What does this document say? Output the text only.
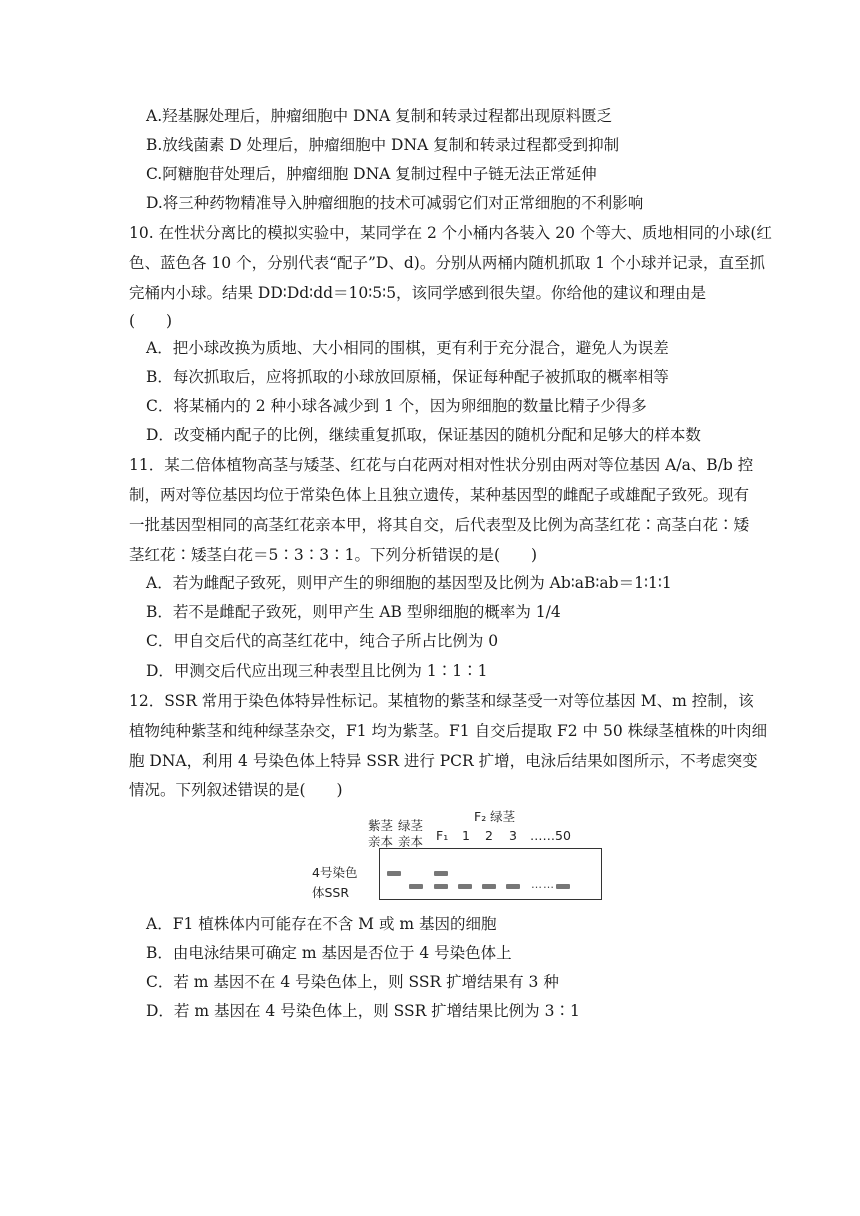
A.羟基脲处理后，肿瘤细胞中 DNA 复制和转录过程都出现原料匮乏
B.放线菌素 D 处理后，肿瘤细胞中 DNA 复制和转录过程都受到抑制
C.阿糖胞苷处理后，肿瘤细胞 DNA 复制过程中子链无法正常延伸
D.将三种药物精准导入肿瘤细胞的技术可减弱它们对正常细胞的不利影响
10. 在性状分离比的模拟实验中，某同学在 2 个小桶内各装入 20 个等大、质地相同的小球(红
色、蓝色各 10 个，分别代表“配子”D、d)。分别从两桶内随机抓取 1 个小球并记录，直至抓
完桶内小球。结果 DD∶Dd∶dd＝10∶5∶5，该同学感到很失望。你给他的建议和理由是
(　　)
A．把小球改换为质地、大小相同的围棋，更有利于充分混合，避免人为误差
B．每次抓取后，应将抓取的小球放回原桶，保证每种配子被抓取的概率相等
C．将某桶内的 2 种小球各减少到 1 个，因为卵细胞的数量比精子少得多
D．改变桶内配子的比例，继续重复抓取，保证基因的随机分配和足够大的样本数
11．某二倍体植物高茎与矮茎、红花与白花两对相对性状分别由两对等位基因 A/a、B/b 控
制，两对等位基因均位于常染色体上且独立遗传，某种基因型的雌配子或雄配子致死。现有
一批基因型相同的高茎红花亲本甲，将其自交，后代表型及比例为高茎红花∶高茎白花∶矮
茎红花∶矮茎白花＝5∶3∶3∶1。下列分析错误的是(　　)
A．若为雌配子致死，则甲产生的卵细胞的基因型及比例为 Ab∶aB∶ab＝1∶1∶1
B．若不是雌配子致死，则甲产生 AB 型卵细胞的概率为 1/4
C．甲自交后代的高茎红花中，纯合子所占比例为 0
D．甲测交后代应出现三种表型且比例为 1∶1∶1
12．SSR 常用于染色体特异性标记。某植物的紫茎和绿茎受一对等位基因 M、m 控制，该
植物纯种紫茎和纯种绿茎杂交，F1 均为紫茎。F1 自交后提取 F2 中 50 株绿茎植株的叶肉细
胞 DNA，利用 4 号染色体上特异 SSR 进行 PCR 扩增，电泳后结果如图所示，不考虑突变
情况。下列叙述错误的是(　　)
紫茎 绿茎
亲本 亲本 F₁
F₂ 绿茎
1 2 3 …… 50
4号染色
体SSR
……
A．F1 植株体内可能存在不含 M 或 m 基因的细胞
B．由电泳结果可确定 m 基因是否位于 4 号染色体上
C．若 m 基因不在 4 号染色体上，则 SSR 扩增结果有 3 种
D．若 m 基因在 4 号染色体上，则 SSR 扩增结果比例为 3∶1
